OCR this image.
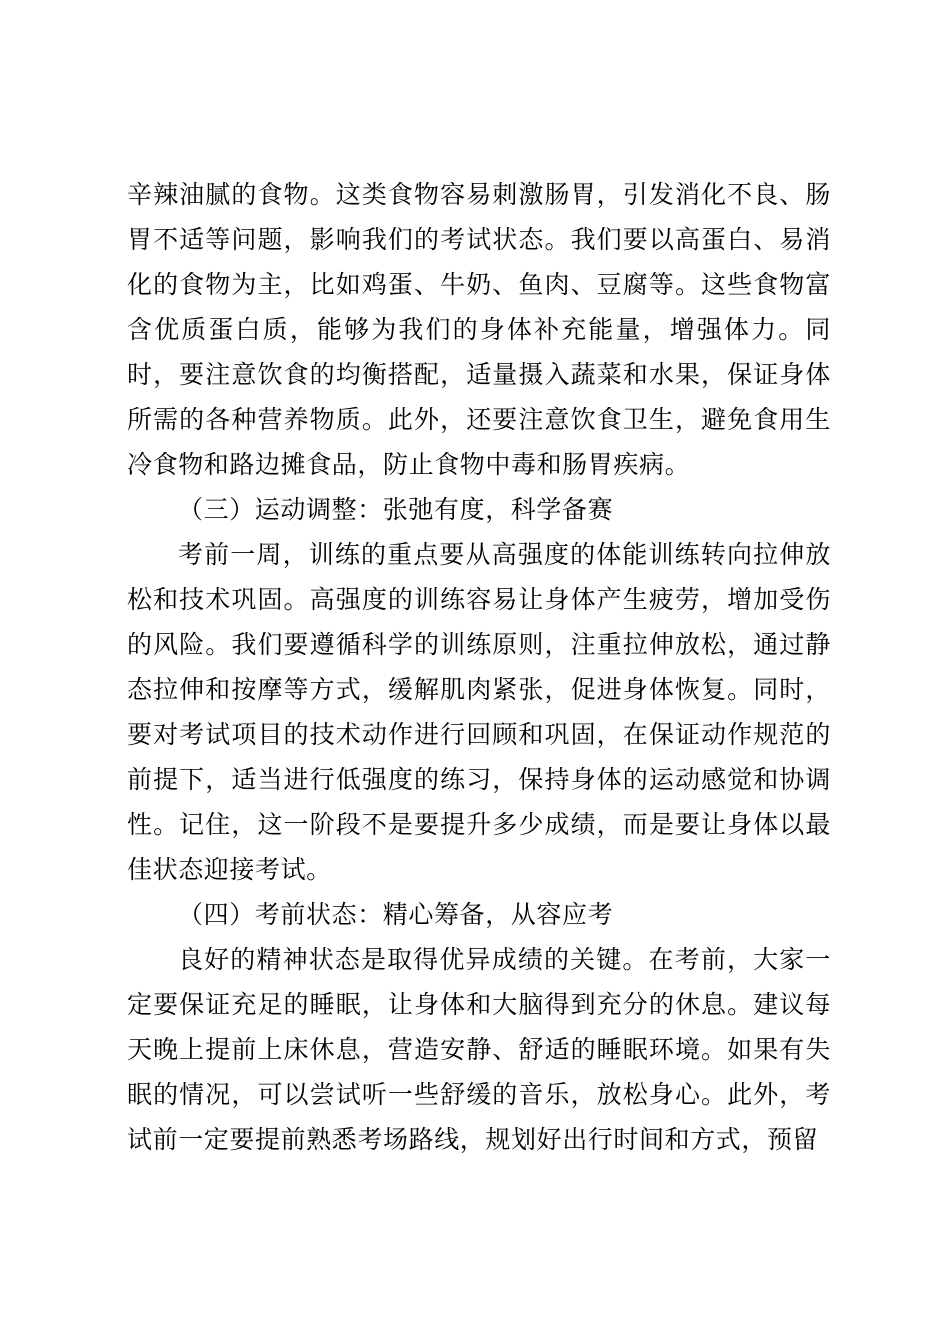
辛辣油腻的食物。这类食物容易刺激肠胃，引发消化不良、肠胃不适等问题，影响我们的考试状态。我们要以高蛋白、易消化的食物为主，比如鸡蛋、牛奶、鱼肉、豆腐等。这些食物富含优质蛋白质，能够为我们的身体补充能量，增强体力。同时，要注意饮食的均衡搭配，适量摄入蔬菜和水果，保证身体所需的各种营养物质。此外，还要注意饮食卫生，避免食用生冷食物和路边摊食品，防止食物中毒和肠胃疾病。

（三）运动调整：张弛有度，科学备赛

考前一周，训练的重点要从高强度的体能训练转向拉伸放松和技术巩固。高强度的训练容易让身体产生疲劳，增加受伤的风险。我们要遵循科学的训练原则，注重拉伸放松，通过静态拉伸和按摩等方式，缓解肌肉紧张，促进身体恢复。同时，要对考试项目的技术动作进行回顾和巩固，在保证动作规范的前提下，适当进行低强度的练习，保持身体的运动感觉和协调性。记住，这一阶段不是要提升多少成绩，而是要让身体以最佳状态迎接考试。

（四）考前状态：精心筹备，从容应考

良好的精神状态是取得优异成绩的关键。在考前，大家一定要保证充足的睡眠，让身体和大脑得到充分的休息。建议每天晚上提前上床休息，营造安静、舒适的睡眠环境。如果有失眠的情况，可以尝试听一些舒缓的音乐，放松身心。此外，考试前一定要提前熟悉考场路线，规划好出行时间和方式，预留
